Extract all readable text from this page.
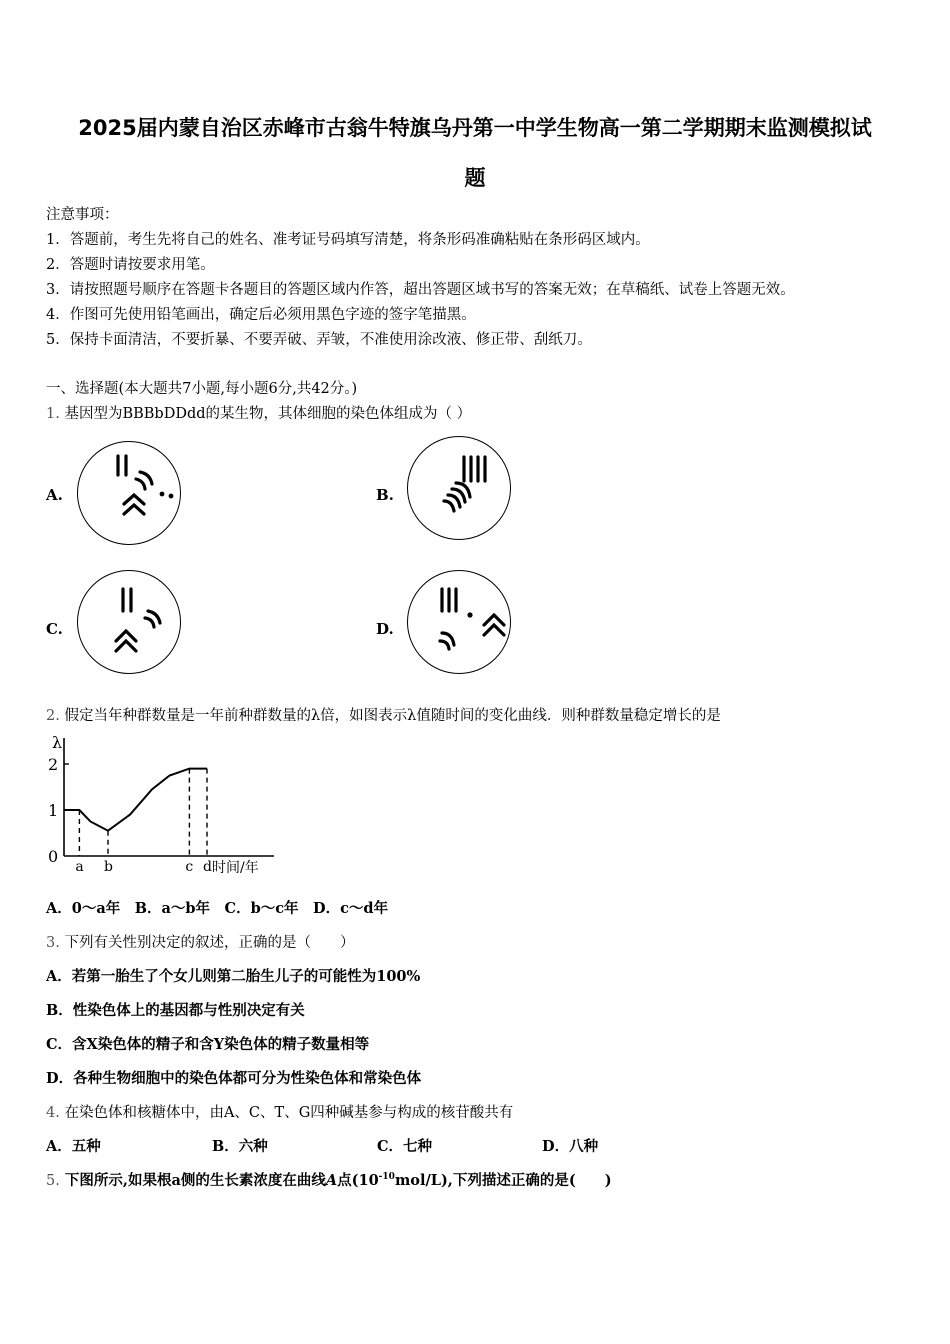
2025届内蒙自治区赤峰市古翁牛特旗乌丹第一中学生物高一第二学期期末监测模拟试
题
注意事项：
1．答题前，考生先将自己的姓名、准考证号码填写清楚，将条形码准确粘贴在条形码区域内。
2．答题时请按要求用笔。
3．请按照题号顺序在答题卡各题目的答题区域内作答，超出答题区域书写的答案无效；在草稿纸、试卷上答题无效。
4．作图可先使用铅笔画出，确定后必须用黑色字迹的签字笔描黑。
5．保持卡面清洁，不要折暴、不要弄破、弄皱，不准使用涂改液、修正带、刮纸刀。
一、选择题(本大题共7小题,每小题6分,共42分。)
1. 基因型为BBBbDDdd的某生物，其体细胞的染色体组成为（ ）
A.	B.
C.	D.
2. 假定当年种群数量是一年前种群数量的λ倍，如图表示λ值随时间的变化曲线．则种群数量稳定增长的是
λ
0
1
2
a b	c d 时间/年
A．0～a年　B．a～b年　C．b～c年　D．c～d年
3. 下列有关性别决定的叙述，正确的是（　　）
A．若第一胎生了个女儿则第二胎生儿子的可能性为100%
B．性染色体上的基因都与性别决定有关
C．含X染色体的精子和含Y染色体的精子数量相等
D．各种生物细胞中的染色体都可分为性染色体和常染色体
4. 在染色体和核糖体中，由A、C、T、G四种碱基参与构成的核苷酸共有
A．五种	B．六种	C．七种	D．八种
5. 下图所示,如果根a侧的生长素浓度在曲线A点$(10^{-10}mol/L)$,下列描述正确的是(　　)
